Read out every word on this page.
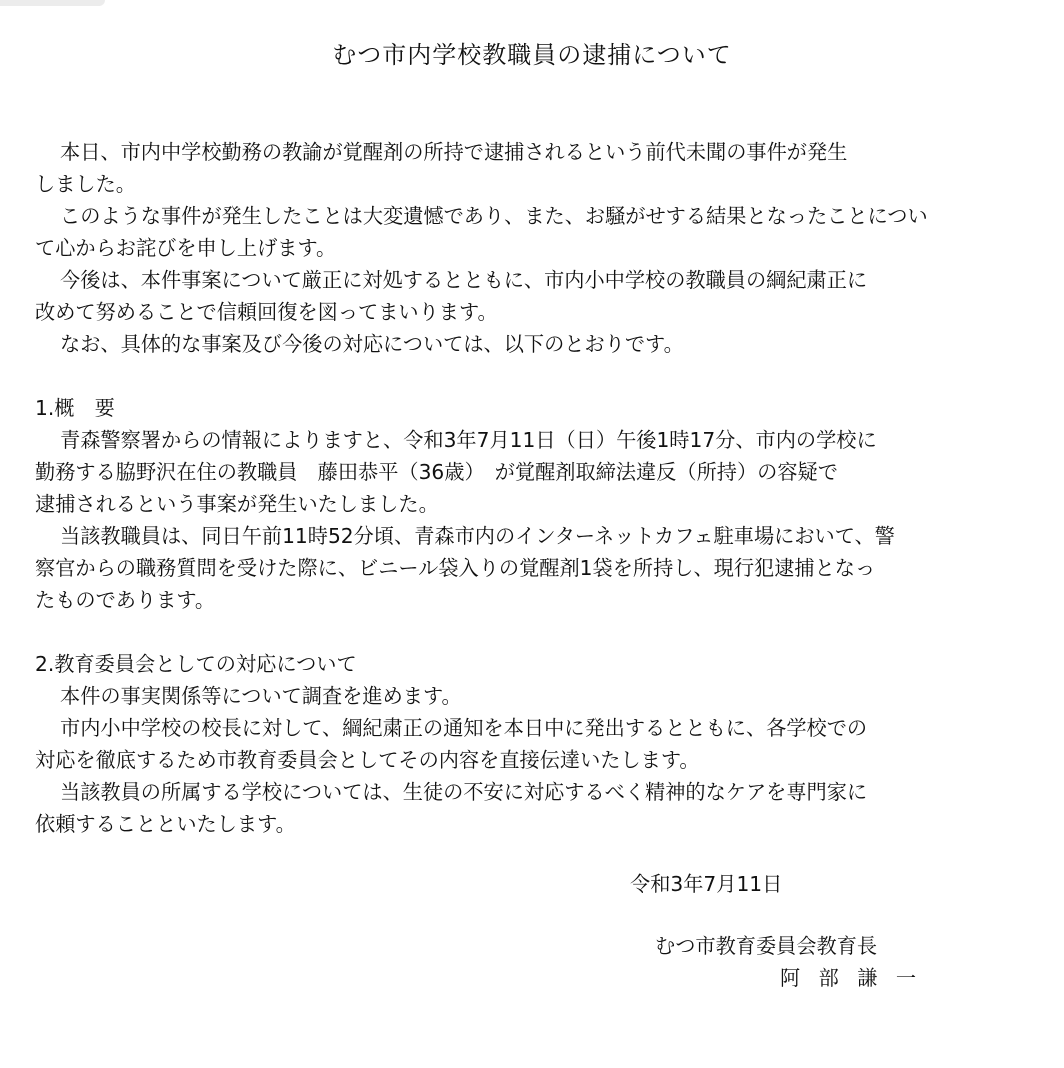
むつ市内学校教職員の逮捕について
本日、市内中学校勤務の教諭が覚醒剤の所持で逮捕されるという前代未聞の事件が発生
しました。
このような事件が発生したことは大変遺憾であり、また、お騒がせする結果となったことについ
て心からお詫びを申し上げます。
今後は、本件事案について厳正に対処するとともに、市内小中学校の教職員の綱紀粛正に
改めて努めることで信頼回復を図ってまいります。
なお、具体的な事案及び今後の対応については、以下のとおりです。
1.概　要
青森警察署からの情報によりますと、令和3年7月11日（日）午後1時17分、市内の学校に
勤務する脇野沢在住の教職員　藤田恭平（36歳）　が覚醒剤取締法違反（所持）の容疑で
逮捕されるという事案が発生いたしました。
当該教職員は、同日午前11時52分頃、青森市内のインターネットカフェ駐車場において、警
察官からの職務質問を受けた際に、ビニール袋入りの覚醒剤1袋を所持し、現行犯逮捕となっ
たものであります。
2.教育委員会としての対応について
本件の事実関係等について調査を進めます。
市内小中学校の校長に対して、綱紀粛正の通知を本日中に発出するとともに、各学校での
対応を徹底するため市教育委員会としてその内容を直接伝達いたします。
当該教員の所属する学校については、生徒の不安に対応するべく精神的なケアを専門家に
依頼することといたします。
令和3年7月11日
むつ市教育委員会教育長
阿 部 謙 一
